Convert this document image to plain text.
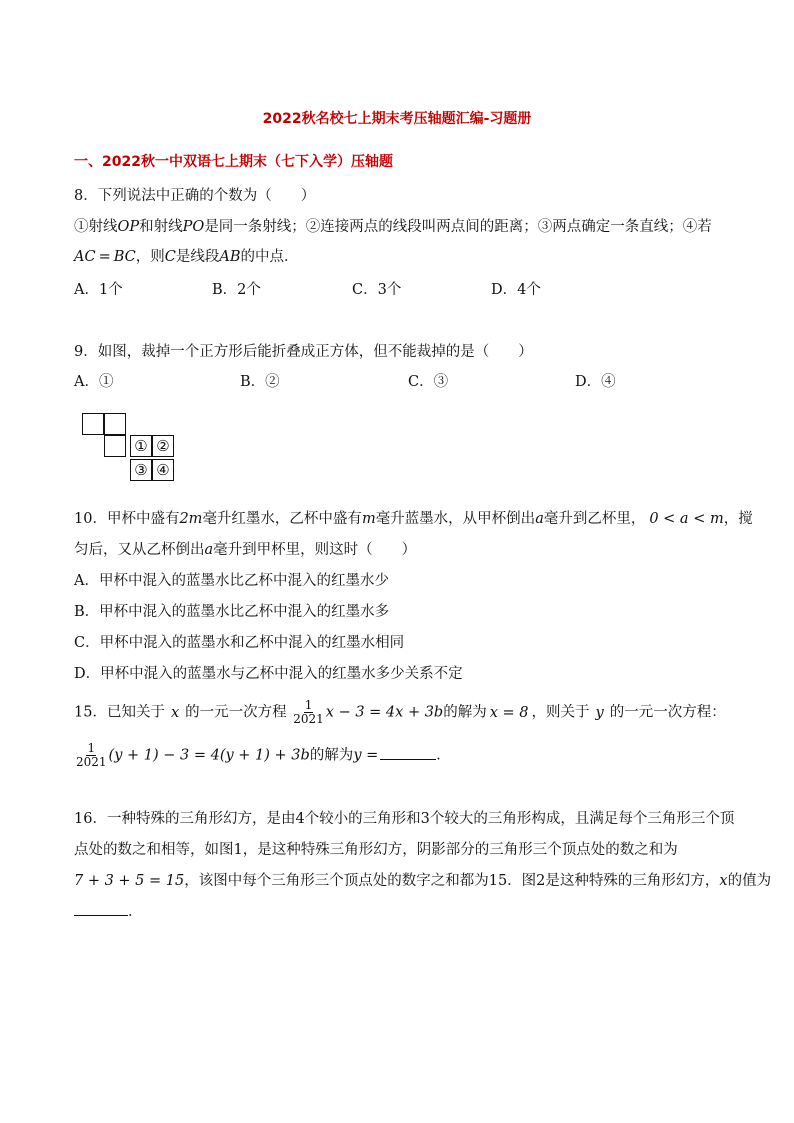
2022秋名校七上期末考压轴题汇编-习题册
一、2022秋一中双语七上期末（七下入学）压轴题
8．下列说法中正确的个数为（　　）
①射线OP和射线PO是同一条射线；②连接两点的线段叫两点间的距离；③两点确定一条直线；④若
AC = BC，则C是线段AB的中点．
A．1个	B．2个	C．3个	D．4个
9．如图，裁掉一个正方形后能折叠成正方体，但不能裁掉的是（　　）
A．①	B．②	C．③	D．④
① ②
③ ④
10．甲杯中盛有2m毫升红墨水，乙杯中盛有m毫升蓝墨水，从甲杯倒出a毫升到乙杯里， 0 < a < m，搅
匀后，又从乙杯倒出a毫升到甲杯里，则这时（　　）
A．甲杯中混入的蓝墨水比乙杯中混入的红墨水少
B．甲杯中混入的蓝墨水比乙杯中混入的红墨水多
C．甲杯中混入的蓝墨水和乙杯中混入的红墨水相同
D．甲杯中混入的蓝墨水与乙杯中混入的红墨水多少关系不定
15．已知关于 x 的一元一次方程 $\frac{1}{2021}$ x − 3 = 4x + 3b的解为 x = 8 ，则关于 y 的一元一次方程：
$\frac{1}{2021} (y + 1) - 3 = 4(y + 1) + 3b$的解为y =	．
16．一种特殊的三角形幻方，是由4个较小的三角形和3个较大的三角形构成，且满足每个三角形三个顶
点处的数之和相等，如图1，是这种特殊三角形幻方，阴影部分的三角形三个顶点处的数之和为
7 + 3 + 5 = 15，该图中每个三角形三个顶点处的数字之和都为15．图2是这种特殊的三角形幻方，x的值为
．
